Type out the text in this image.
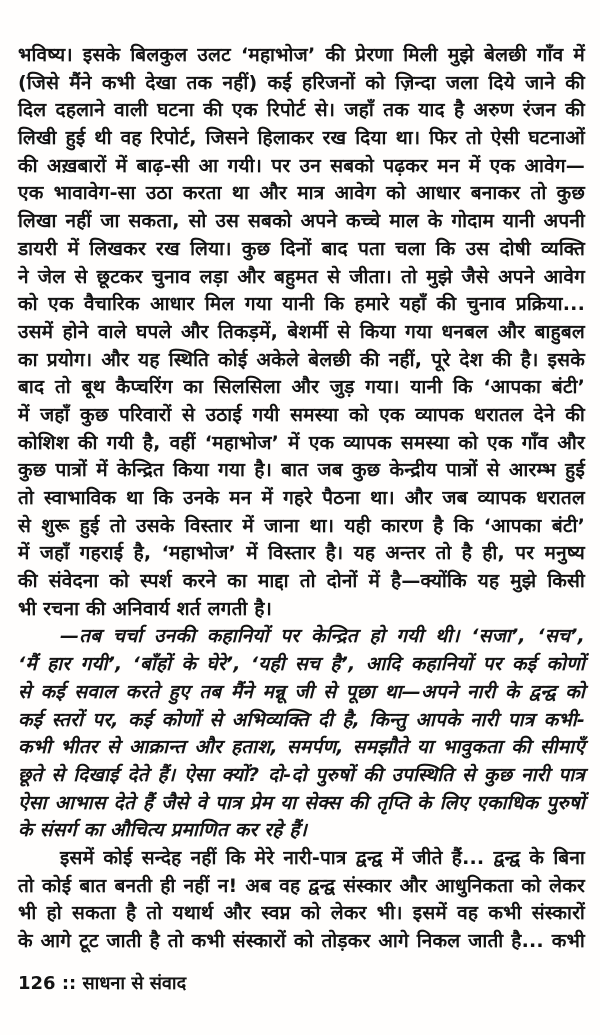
भविष्य। इसके बिलकुल उलट ‘महाभोज’ की प्रेरणा मिली मुझे बेलछी गाँव में
(जिसे मैंने कभी देखा तक नहीं) कई हरिजनों को ज़िन्दा जला दिये जाने की
दिल दहलाने वाली घटना की एक रिपोर्ट से। जहाँ तक याद है अरुण रंजन की
लिखी हुई थी वह रिपोर्ट, जिसने हिलाकर रख दिया था। फिर तो ऐसी घटनाओं
की अख़बारों में बाढ़-सी आ गयी। पर उन सबको पढ़कर मन में एक आवेग—
एक भावावेग-सा उठा करता था और मात्र आवेग को आधार बनाकर तो कुछ
लिखा नहीं जा सकता, सो उस सबको अपने कच्चे माल के गोदाम यानी अपनी
डायरी में लिखकर रख लिया। कुछ दिनों बाद पता चला कि उस दोषी व्यक्ति
ने जेल से छूटकर चुनाव लड़ा और बहुमत से जीता। तो मुझे जैसे अपने आवेग
को एक वैचारिक आधार मिल गया यानी कि हमारे यहाँ की चुनाव प्रक्रिया...
उसमें होने वाले घपले और तिकड़में, बेशर्मी से किया गया धनबल और बाहुबल
का प्रयोग। और यह स्थिति कोई अकेले बेलछी की नहीं, पूरे देश की है। इसके
बाद तो बूथ कैप्चरिंग का सिलसिला और जुड़ गया। यानी कि ‘आपका बंटी’
में जहाँ कुछ परिवारों से उठाई गयी समस्या को एक व्यापक धरातल देने की
कोशिश की गयी है, वहीं ‘महाभोज’ में एक व्यापक समस्या को एक गाँव और
कुछ पात्रों में केन्द्रित किया गया है। बात जब कुछ केन्द्रीय पात्रों से आरम्भ हुई
तो स्वाभाविक था कि उनके मन में गहरे पैठना था। और जब व्यापक धरातल
से शुरू हुई तो उसके विस्तार में जाना था। यही कारण है कि ‘आपका बंटी’
में जहाँ गहराई है, ‘महाभोज’ में विस्तार है। यह अन्तर तो है ही, पर मनुष्य
की संवेदना को स्पर्श करने का माद्दा तो दोनों में है—क्योंकि यह मुझे किसी
भी रचना की अनिवार्य शर्त लगती है।
—तब चर्चा उनकी कहानियों पर केन्द्रित हो गयी थी। ‘सजा’, ‘सच’,
‘मैं हार गयी’, ‘बाँहों के घेरे’, ‘यही सच है’, आदि कहानियों पर कई कोणों
से कई सवाल करते हुए तब मैंने मन्नू जी से पूछा था—अपने नारी के द्वन्द्व को
कई स्तरों पर, कई कोणों से अभिव्यक्ति दी है, किन्तु आपके नारी पात्र कभी-
कभी भीतर से आक्रान्त और हताश, समर्पण, समझौते या भावुकता की सीमाएँ
छूते से दिखाई देते हैं। ऐसा क्यों? दो-दो पुरुषों की उपस्थिति से कुछ नारी पात्र
ऐसा आभास देते हैं जैसे वे पात्र प्रेम या सेक्स की तृप्ति के लिए एकाधिक पुरुषों
के संसर्ग का औचित्य प्रमाणित कर रहे हैं।
इसमें कोई सन्देह नहीं कि मेरे नारी-पात्र द्वन्द्व में जीते हैं... द्वन्द्व के बिना
तो कोई बात बनती ही नहीं न! अब वह द्वन्द्व संस्कार और आधुनिकता को लेकर
भी हो सकता है तो यथार्थ और स्वप्न को लेकर भी। इसमें वह कभी संस्कारों
के आगे टूट जाती है तो कभी संस्कारों को तोड़कर आगे निकल जाती है... कभी
126 :: साधना से संवाद
